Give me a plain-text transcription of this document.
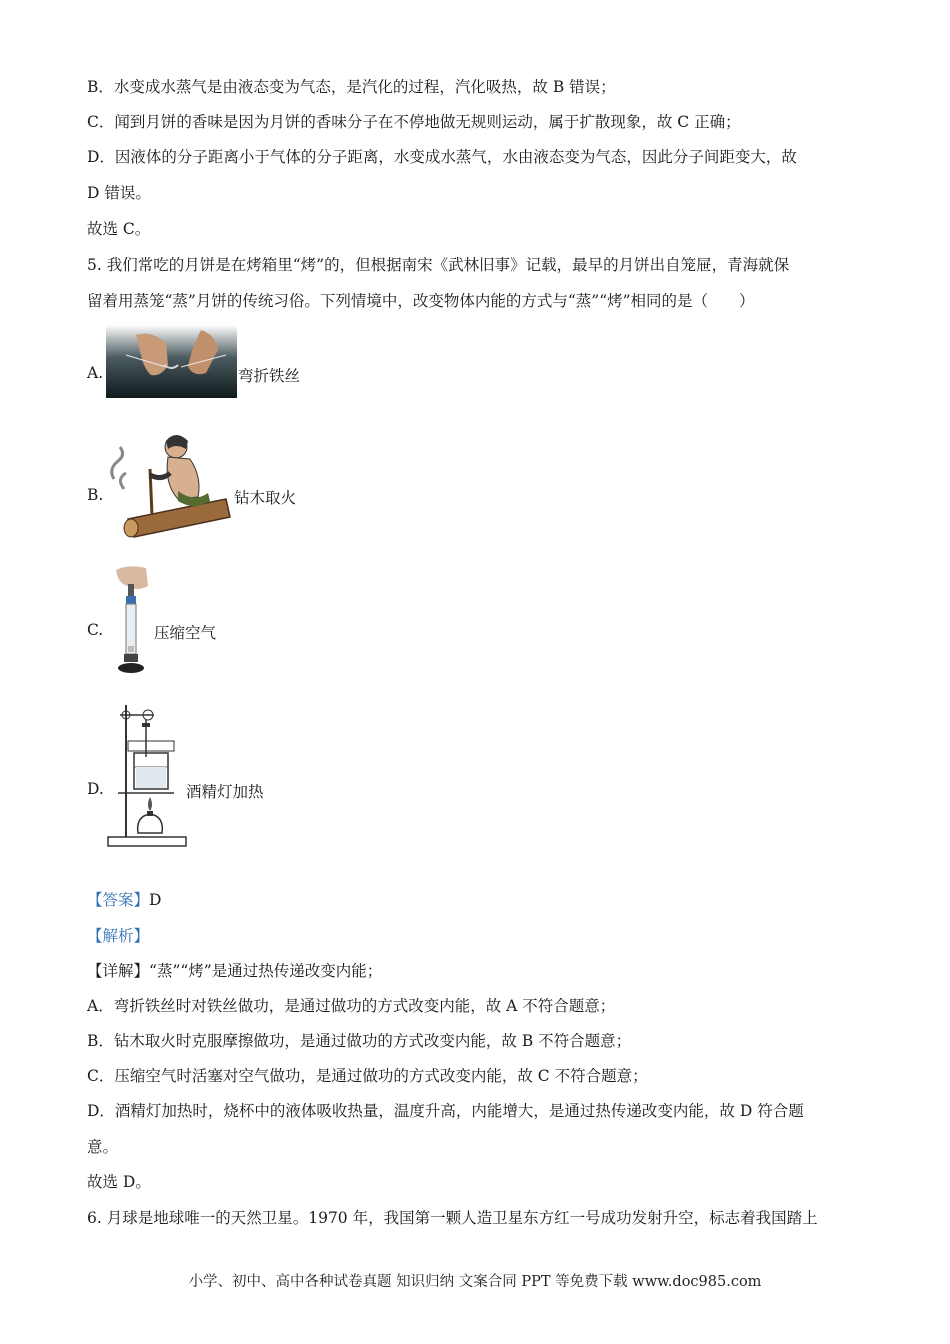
B．水变成水蒸气是由液态变为气态，是汽化的过程，汽化吸热，故 B 错误；
C．闻到月饼的香味是因为月饼的香味分子在不停地做无规则运动，属于扩散现象，故 C 正确；
D．因液体的分子距离小于气体的分子距离，水变成水蒸气，水由液态变为气态，因此分子间距变大，故
D 错误。
故选 C。
5. 我们常吃的月饼是在烤箱里“烤”的，但根据南宋《武林旧事》记载，最早的月饼出自笼屉，青海就保
留着用蒸笼“蒸”月饼的传统习俗。下列情境中，改变物体内能的方式与“蒸”“烤”相同的是（　　）
A.	弯折铁丝
B.	钻木取火
C.	压缩空气
D.	酒精灯加热
【答案】D
【解析】
【详解】“蒸”“烤”是通过热传递改变内能；
A．弯折铁丝时对铁丝做功，是通过做功的方式改变内能，故 A 不符合题意；
B．钻木取火时克服摩擦做功，是通过做功的方式改变内能，故 B 不符合题意；
C．压缩空气时活塞对空气做功，是通过做功的方式改变内能，故 C 不符合题意；
D．酒精灯加热时，烧杯中的液体吸收热量，温度升高，内能增大，是通过热传递改变内能，故 D 符合题
意。
故选 D。
6. 月球是地球唯一的天然卫星。1970 年，我国第一颗人造卫星东方红一号成功发射升空，标志着我国踏上
小学、初中、高中各种试卷真题 知识归纳 文案合同 PPT 等免费下载 www.doc985.com
